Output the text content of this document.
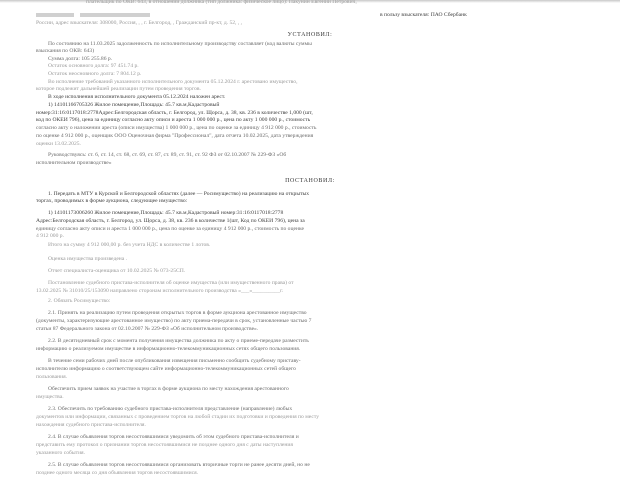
плательщик по ОКВ: 643, в отношении должника (тип должника: физическое лицо): Пакунин Евгений Петрович,
в пользу взыскателя: ПАО Сбербанк
России, адрес взыскателя: 308000, Россия, , , г. Белгород, , Гражданский пр-кт, д. 52, , ,
УСТАНОВИЛ:
По состоянию на 11.03.2025 задолженность по исполнительному производству составляет (код валюты суммы
взыскания по ОКВ: 643)
Сумма долга: 105 255.86 р.
Остаток основного долга: 97 451.74 р.
Остаток неосновного долга: 7 804.12 р.
Во исполнение требований указанного исполнительного документа 05.12.2024 г. арестовано имущество,
которое подлежит дальнейшей реализации путем проведения торгов.
В ходе исполнения исполнительного документа 05.12.2024 наложен арест.
1) 14101166705326 Жилое помещение,Площадь: 45.7 кв.м,Кадастровый
номер:31:16:0117018:2778Адрес:Белгородская область, г. Белгород, ул. Щорса, д. 38, кв. 236 в количестве 1,000 (шт,
код по ОКЕИ 796), цена за единицу согласно акту описи и ареста 1 000 000 р., цена по акту 1 000 000 р., стоимость
согласно акту о наложении ареста (описи имущества) 1 000 000 р., цена по оценке за единицу 4 912 000 р., стоимость
по оценке 4 912 000 р., оценщик ООО Оценочная фирма "Профессионал", дата отчета 10.02.2025, дата утверждения
оценки 13.02.2025.
Руководствуясь: ст. 6, ст. 14, ст. 68, ст. 69, ст. 87, ст. 89, ст. 91, ст. 92 ФЗ от 02.10.2007 № 229-ФЗ «Об
исполнительном производстве»
ПОСТАНОВИЛ:
1. Передать в МТУ в Курской и Белгородской областях (далее — Росимущество) на реализацию на открытых
торгах, проводимых в форме аукциона, следующее имущество:
1) 14101173006260 Жилое помещение,Площадь: 45.7 кв.м,Кадастровый номер:31:16:0117018:2778
Адрес:Белгородская область, г. Белгород, ул. Щорса, д. 38, кв. 236 в количестве 1(шт, Код по ОКЕИ 796), цена за
единицу согласно акту описи и ареста 1 000 000 р., цена по оценке за единицу 4 912 000 р., стоимость по оценке
4 912 000 р.
Итого на сумму 4 912 000,00 р. без учета НДС в количестве 1 лотов.
Оценка имущества произведена .
Отчет специалиста-оценщика от 10.02.2025 № 073-25СП.
Постановление судебного пристава-исполнителя об оценке имущества (или имущественного права) от
13.02.2025 № 31010/25/153090 направлено сторонам исполнительного производства «___»__________г.
2. Обязать Росимущество:
2.1. Принять на реализацию путем проведения открытых торгов в форме аукциона арестованное имущество
(документы, характеризующие арестованное имущество) по акту приема-передачи в срок, установленные частью 7
статьи 87 Федерального закона от 02.10.2007 № 229-ФЗ «Об исполнительном производстве».
2.2. В десятидневный срок с момента получения имущества должника по акту о приеме-передаче разместить
информацию о реализуемом имуществе в информационно-телекоммуникационных сетях общего пользования.
В течение семи рабочих дней после опубликования извещения письменно сообщить судебному приставу-
исполнителю информацию о соответствующем сайте информационно-телекоммуникационных сетей общего
пользования.
Обеспечить прием заявок на участие в торгах в форме аукциона по месту нахождения арестованного
имущества.
2.3. Обеспечить по требованию судебного пристава-исполнителя представление (направление) любых
документов или информации, связанных с проведением торгов на любой стадии их подготовки и проведения по месту
нахождения судебного пристава-исполнителя.
2.4. В случае объявления торгов несостоявшимися уведомить об этом судебного пристава-исполнителя и
представить ему протокол о признании торгов несостоявшимися не позднее одного дня с даты наступления
указанного события.
2.5. В случае объявления торгов несостоявшимися организовать вторичные торги не ранее десяти дней, но не
позднее одного месяца со дня объявления торгов несостоявшимися.
